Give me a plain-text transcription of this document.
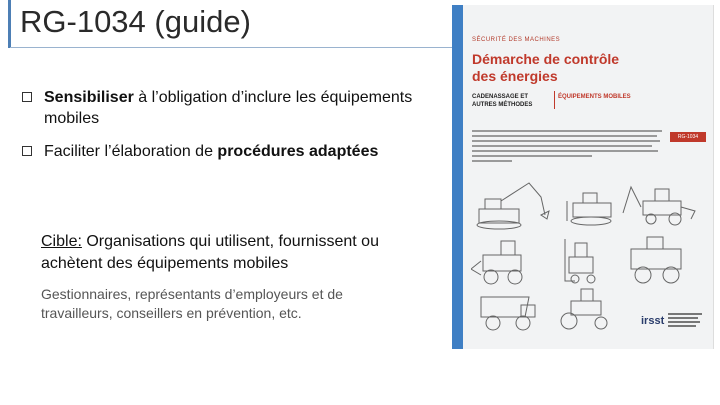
RG-1034 (guide)
Sensibiliser à l’obligation d’inclure les équipements mobiles
Faciliter l’élaboration de procédures adaptées
Cible: Organisations qui utilisent, fournissent ou achètent des équipements mobiles
Gestionnaires, représentants d’employeurs et de travailleurs, conseillers en prévention, etc.
SÉCURITÉ DES MACHINES
Démarche de contrôle
des énergies
CADENASSAGE ET AUTRES MÉTHODES
ÉQUIPEMENTS MOBILES
RG-1034
irsst
